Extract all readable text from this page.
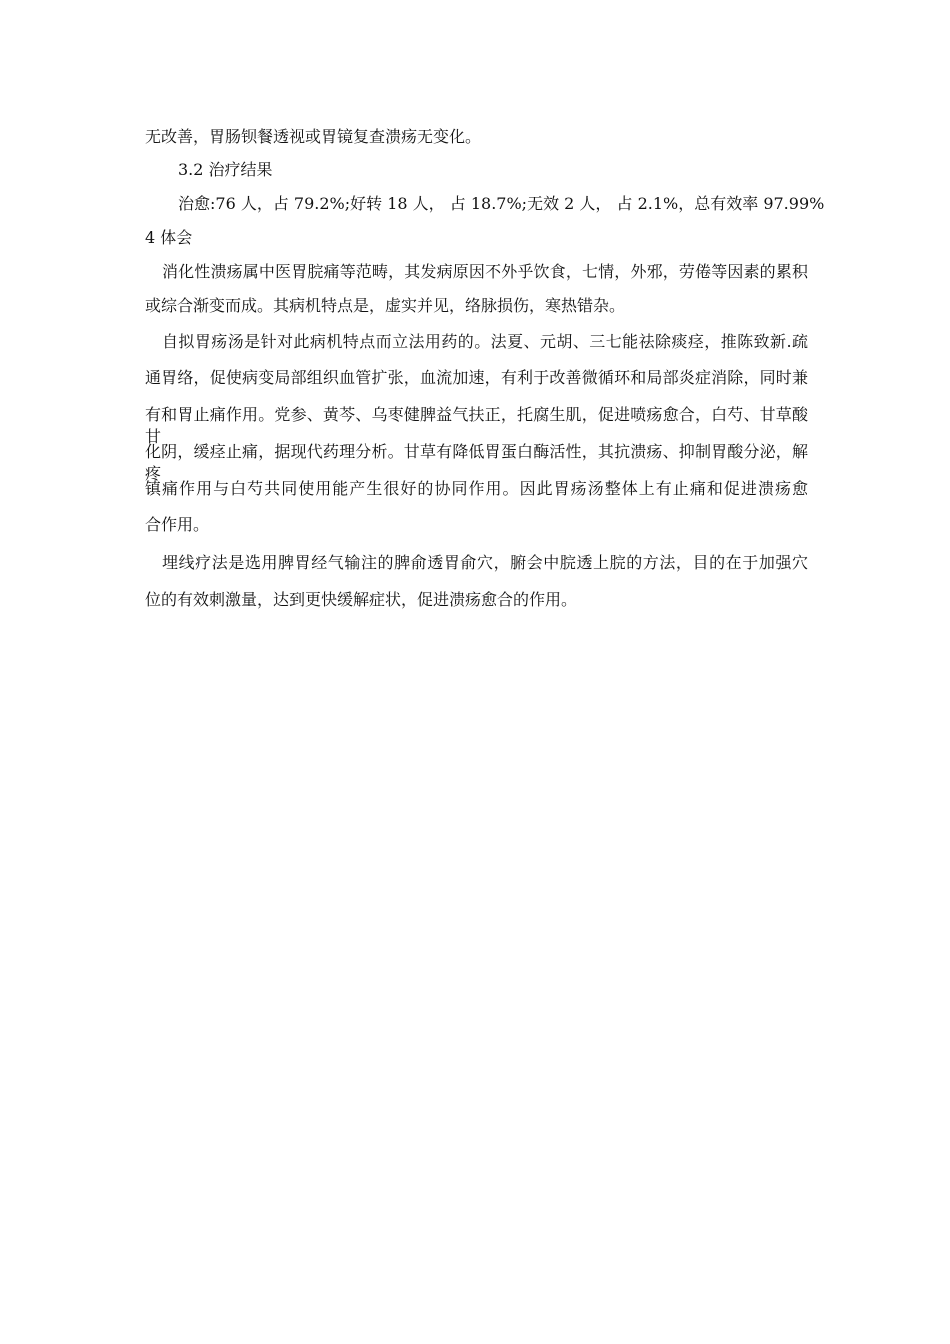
无改善，胃肠钡餐透视或胃镜复查溃疡无变化。
3.2 治疗结果
治愈:76 人，占 79.2%;好转 18 人， 占 18.7%;无效 2 人， 占 2.1%，总有效率 97.99%
4 体会
消化性溃疡属中医胃脘痛等范畴，其发病原因不外乎饮食，七情，外邪，劳倦等因素的累积
或综合渐变而成。其病机特点是，虚实并见，络脉损伤，寒热错杂。
自拟胃疡汤是针对此病机特点而立法用药的。法夏、元胡、三七能祛除痰痉，推陈致新.疏
通胃络，促使病变局部组织血管扩张，血流加速，有利于改善微循环和局部炎症消除，同时兼
有和胃止痛作用。党参、黄芩、乌枣健脾益气扶正，托腐生肌，促进喷疡愈合，白芍、甘草酸甘
化阴，缓痉止痛，据现代药理分析。甘草有降低胃蛋白酶活性，其抗溃疡、抑制胃酸分泌，解疼
镇痛作用与白芍共同使用能产生很好的协同作用。因此胃疡汤整体上有止痛和促进溃疡愈
合作用。
埋线疗法是选用脾胃经气输注的脾俞透胃俞穴，腑会中脘透上脘的方法，目的在于加强穴
位的有效刺激量，达到更快缓解症状，促进溃疡愈合的作用。
